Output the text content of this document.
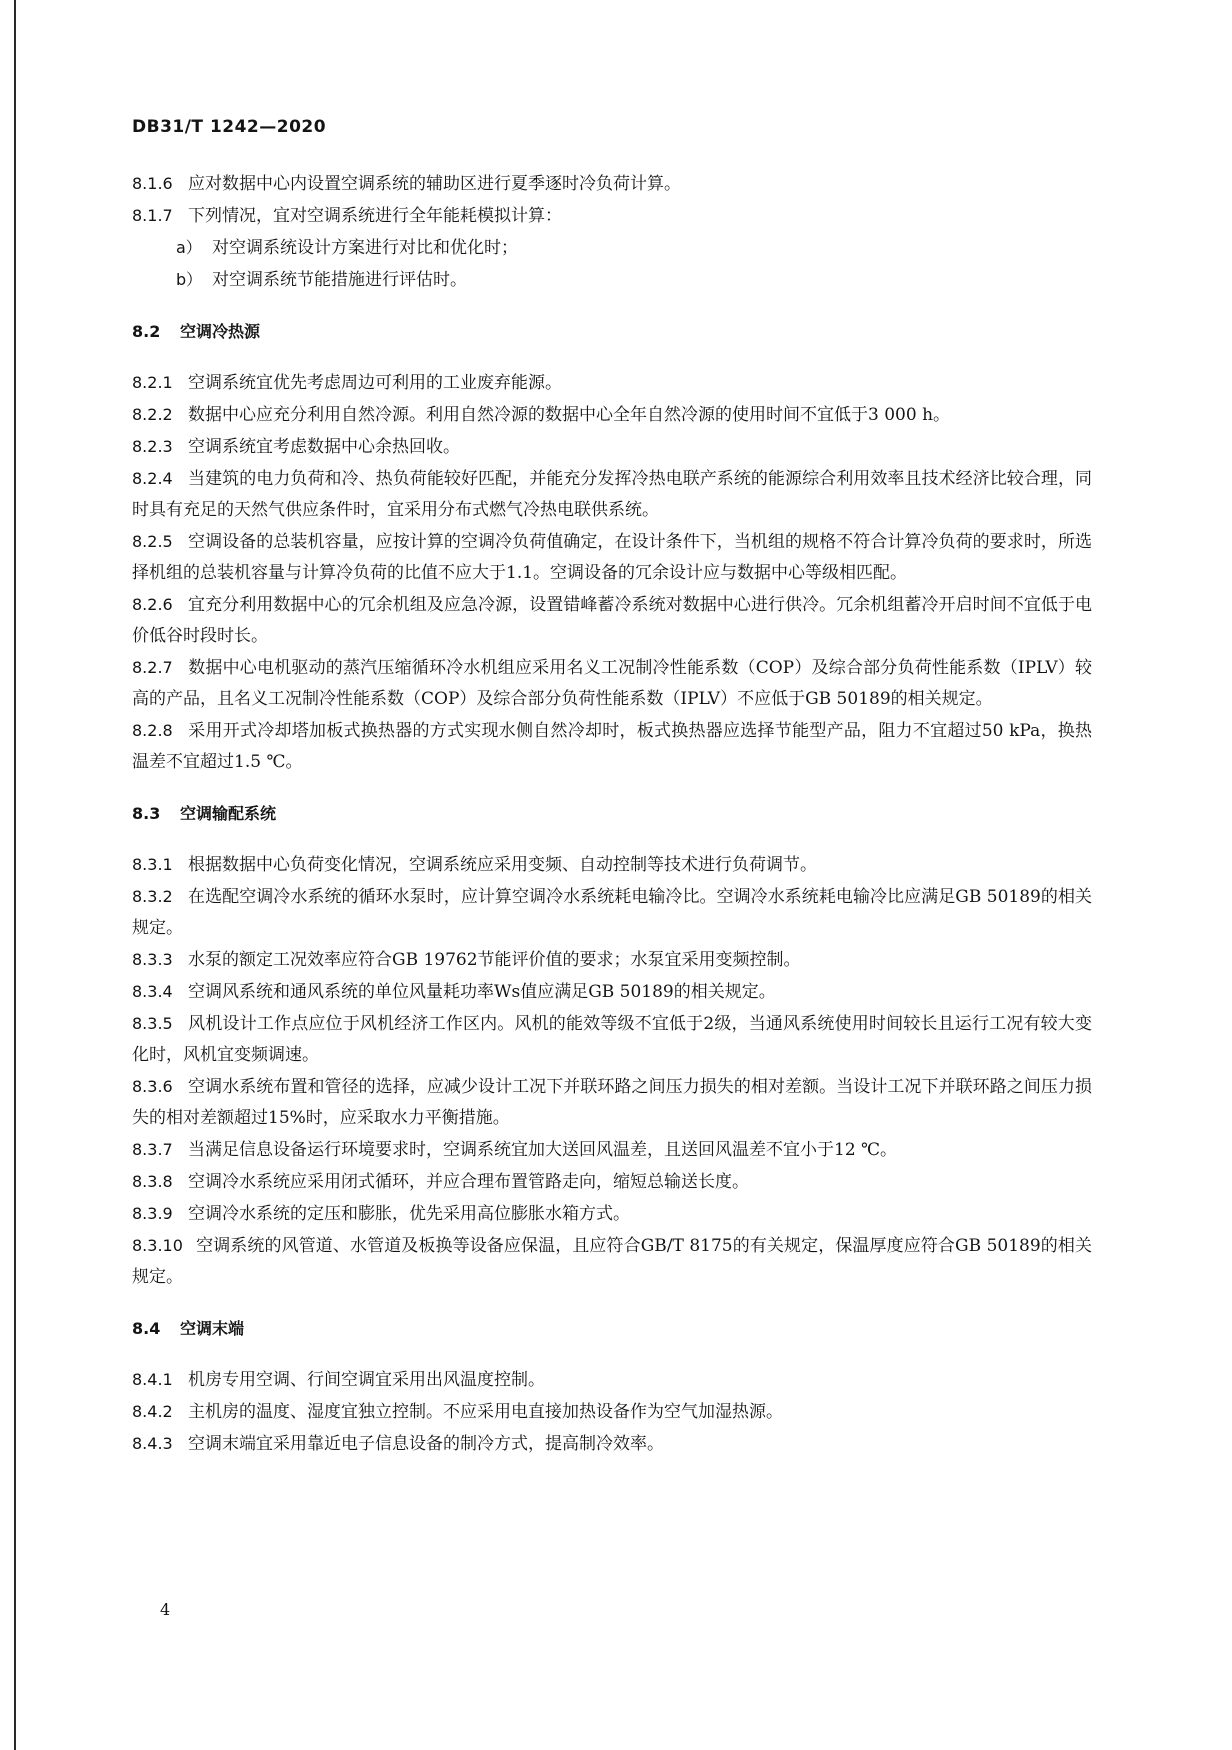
DB31/T 1242—2020

8.1.6 应对数据中心内设置空调系统的辅助区进行夏季逐时冷负荷计算。

8.1.7 下列情况，宜对空调系统进行全年能耗模拟计算：

a） 对空调系统设计方案进行对比和优化时；

b） 对空调系统节能措施进行评估时。

8.2 空调冷热源

8.2.1 空调系统宜优先考虑周边可利用的工业废弃能源。

8.2.2 数据中心应充分利用自然冷源。利用自然冷源的数据中心全年自然冷源的使用时间不宜低于3 000 h。

8.2.3 空调系统宜考虑数据中心余热回收。

8.2.4 当建筑的电力负荷和冷、热负荷能较好匹配，并能充分发挥冷热电联产系统的能源综合利用效率且技术经济比较合理，同时具有充足的天然气供应条件时，宜采用分布式燃气冷热电联供系统。

8.2.5 空调设备的总装机容量，应按计算的空调冷负荷值确定，在设计条件下，当机组的规格不符合计算冷负荷的要求时，所选择机组的总装机容量与计算冷负荷的比值不应大于1.1。空调设备的冗余设计应与数据中心等级相匹配。

8.2.6 宜充分利用数据中心的冗余机组及应急冷源，设置错峰蓄冷系统对数据中心进行供冷。冗余机组蓄冷开启时间不宜低于电价低谷时段时长。

8.2.7 数据中心电机驱动的蒸汽压缩循环冷水机组应采用名义工况制冷性能系数（COP）及综合部分负荷性能系数（IPLV）较高的产品，且名义工况制冷性能系数（COP）及综合部分负荷性能系数（IPLV）不应低于GB 50189的相关规定。

8.2.8 采用开式冷却塔加板式换热器的方式实现水侧自然冷却时，板式换热器应选择节能型产品，阻力不宜超过50 kPa，换热温差不宜超过1.5 ℃。

8.3 空调输配系统

8.3.1 根据数据中心负荷变化情况，空调系统应采用变频、自动控制等技术进行负荷调节。

8.3.2 在选配空调冷水系统的循环水泵时，应计算空调冷水系统耗电输冷比。空调冷水系统耗电输冷比应满足GB 50189的相关规定。

8.3.3 水泵的额定工况效率应符合GB 19762节能评价值的要求；水泵宜采用变频控制。

8.3.4 空调风系统和通风系统的单位风量耗功率Ws值应满足GB 50189的相关规定。

8.3.5 风机设计工作点应位于风机经济工作区内。风机的能效等级不宜低于2级，当通风系统使用时间较长且运行工况有较大变化时，风机宜变频调速。

8.3.6 空调水系统布置和管径的选择，应减少设计工况下并联环路之间压力损失的相对差额。当设计工况下并联环路之间压力损失的相对差额超过15%时，应采取水力平衡措施。

8.3.7 当满足信息设备运行环境要求时，空调系统宜加大送回风温差，且送回风温差不宜小于12 ℃。

8.3.8 空调冷水系统应采用闭式循环，并应合理布置管路走向，缩短总输送长度。

8.3.9 空调冷水系统的定压和膨胀，优先采用高位膨胀水箱方式。

8.3.10 空调系统的风管道、水管道及板换等设备应保温，且应符合GB/T 8175的有关规定，保温厚度应符合GB 50189的相关规定。

8.4 空调末端

8.4.1 机房专用空调、行间空调宜采用出风温度控制。

8.4.2 主机房的温度、湿度宜独立控制。不应采用电直接加热设备作为空气加湿热源。

8.4.3 空调末端宜采用靠近电子信息设备的制冷方式，提高制冷效率。

4
